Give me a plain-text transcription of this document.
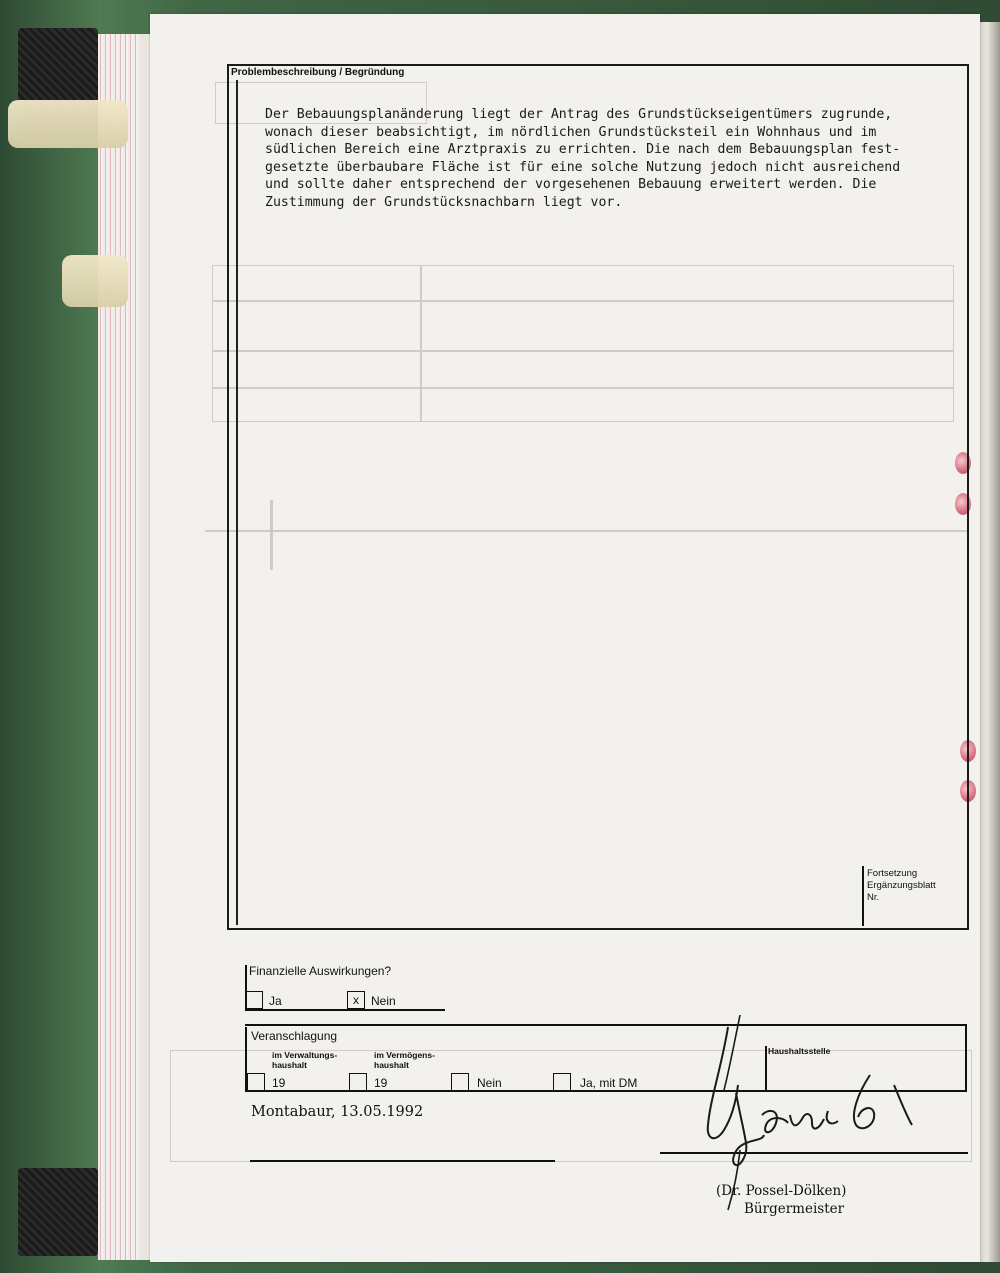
Problembeschreibung / Begründung
Der Bebauungsplanänderung liegt der Antrag des Grundstückseigentümers zugrunde,
wonach dieser beabsichtigt, im nördlichen Grundstücksteil ein Wohnhaus und im
südlichen Bereich eine Arztpraxis zu errichten. Die nach dem Bebauungsplan fest-
gesetzte überbaubare Fläche ist für eine solche Nutzung jedoch nicht ausreichend
und sollte daher entsprechend der vorgesehenen Bebauung erweitert werden. Die
Zustimmung der Grundstücksnachbarn liegt vor.
Fortsetzung
Ergänzungsblatt
Nr.
Finanzielle Auswirkungen?
Ja	x Nein
Veranschlagung
im Verwaltungs-
haushalt
19
im Vermögens-
haushalt
19	Nein	Ja, mit DM
Haushaltsstelle
Montabaur, 13.05.1992
(Dr. Possel-Dölken)
Bürgermeister
